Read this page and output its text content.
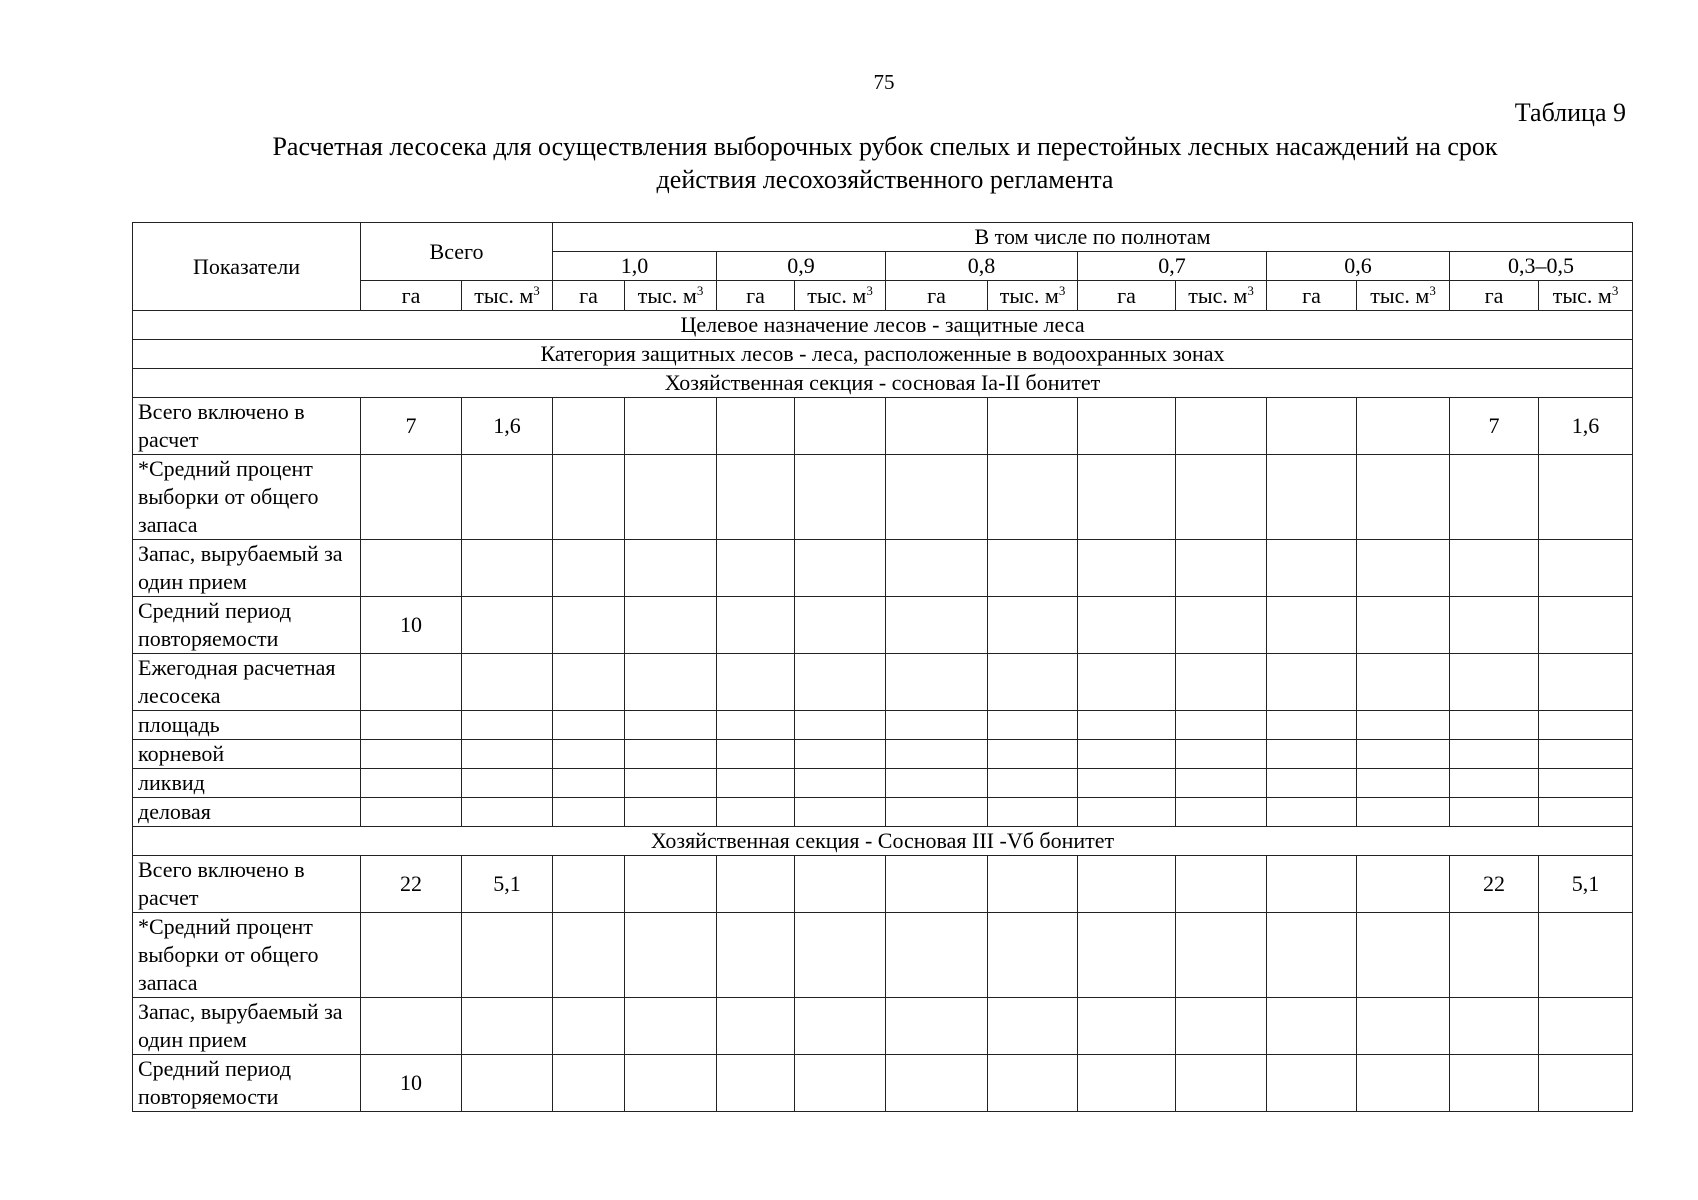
75
Таблица 9
Расчетная лесосека для осуществления выборочных рубок спелых и перестойных лесных насаждений на срок
действия лесохозяйственного регламента
Показатели	Всего		В том числе по полнотам											
			1,0		0,9		0,8		0,7		0,6		0,3–0,5	
	га	тыс. $м^3$	га	тыс. $м^3$	га	тыс. $м^3$	га	тыс. $м^3$	га	тыс. $м^3$	га	тыс. $м^3$	га	тыс. $м^3$
Целевое назначение лесов - защитные леса														
Категория защитных лесов - леса, расположенные в водоохранных зонах														
Хозяйственная секция - сосновая Iа-II бонитет														
Всего включено в расчет	7	1,6											7	1,6
*Средний процент выборки от общего запаса														
Запас, вырубаемый за один прием														
Средний период повторяемости	10													
Ежегодная расчетная лесосека														
площадь														
корневой														
ликвид														
деловая														
Хозяйственная секция - Сосновая III -Vб бонитет														
Всего включено в расчет	22	5,1											22	5,1
*Средний процент выборки от общего запаса														
Запас, вырубаемый за один прием														
Средний период повторяемости	10													
